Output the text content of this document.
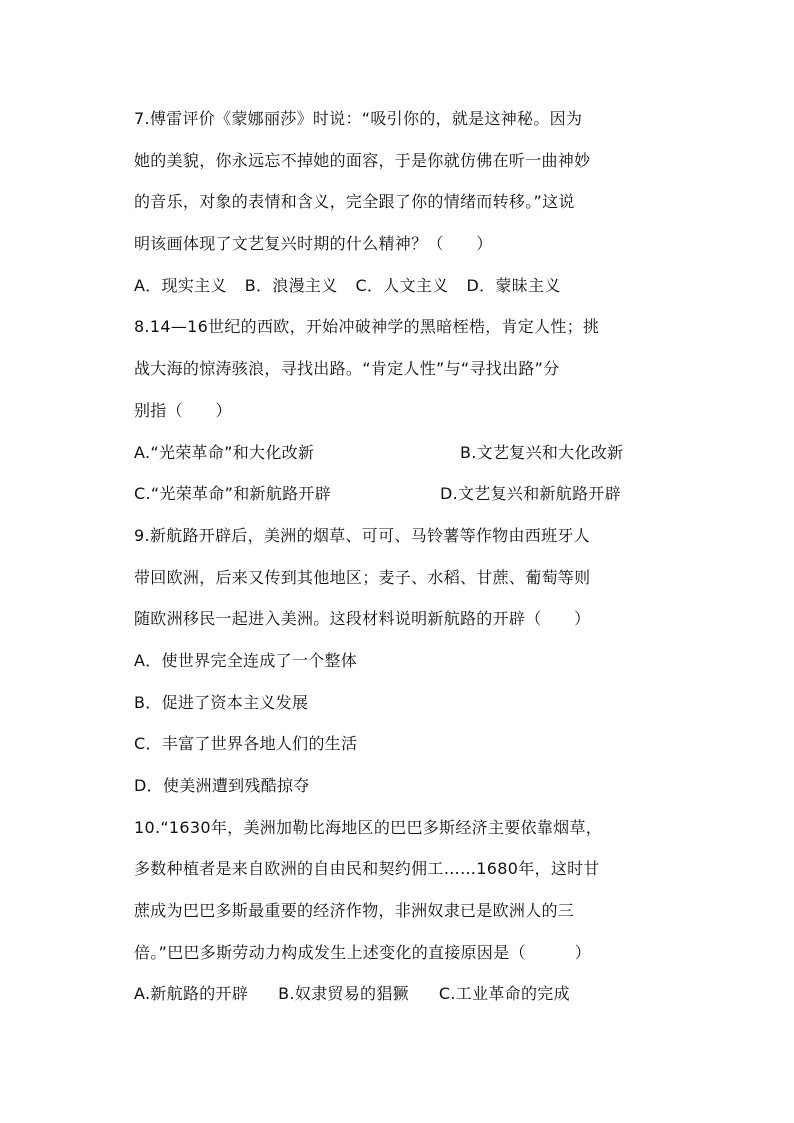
7.傅雷评价《蒙娜丽莎》时说：“吸引你的，就是这神秘。因为
她的美貌，你永远忘不掉她的面容，于是你就仿佛在听一曲神妙
的音乐，对象的表情和含义，完全跟了你的情绪而转移。”这说
明该画体现了文艺复兴时期的什么精神？（　　）
A．现实主义 B．浪漫主义 C．人文主义 D．蒙昧主义
8.14—16世纪的西欧，开始冲破神学的黑暗桎梏，肯定人性；挑
战大海的惊涛骇浪，寻找出路。“肯定人性”与“寻找出路”分
别指（　　）
A.“光荣革命”和大化改新	B.文艺复兴和大化改新
C.“光荣革命”和新航路开辟	D.文艺复兴和新航路开辟
9.新航路开辟后，美洲的烟草、可可、马铃薯等作物由西班牙人
带回欧洲，后来又传到其他地区；麦子、水稻、甘蔗、葡萄等则
随欧洲移民一起进入美洲。这段材料说明新航路的开辟（　　）
A．使世界完全连成了一个整体
B．促进了资本主义发展
C．丰富了世界各地人们的生活
D．使美洲遭到残酷掠夺
10.“1630年，美洲加勒比海地区的巴巴多斯经济主要依靠烟草，
多数种植者是来自欧洲的自由民和契约佣工……1680年，这时甘
蔗成为巴巴多斯最重要的经济作物，非洲奴隶已是欧洲人的三
倍。”巴巴多斯劳动力构成发生上述变化的直接原因是（　　　）
A.新航路的开辟 B.奴隶贸易的猖獗 C.工业革命的完成
